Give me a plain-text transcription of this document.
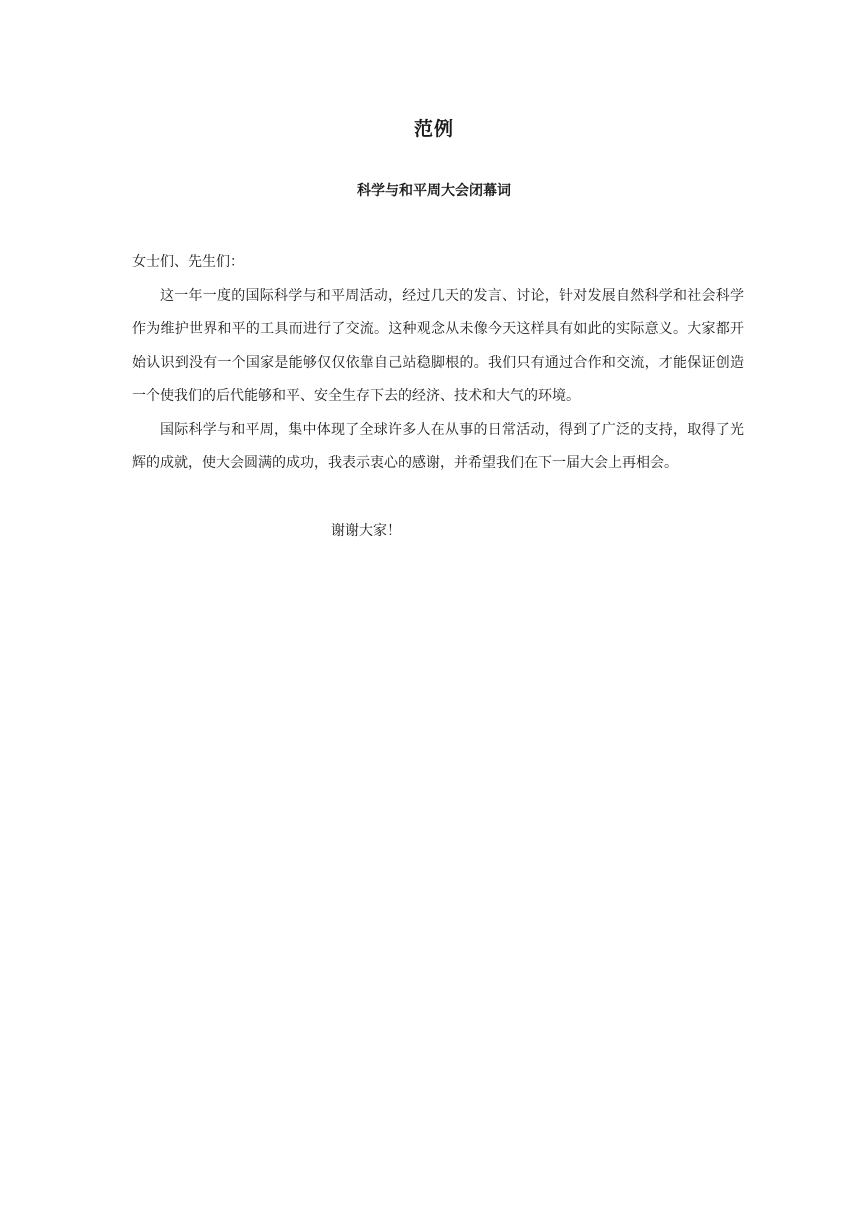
范例
科学与和平周大会闭幕词

女士们、先生们：

这一年一度的国际科学与和平周活动，经过几天的发言、讨论，针对发展自然科学和社会科学作为维护世界和平的工具而进行了交流。这种观念从未像今天这样具有如此的实际意义。大家都开始认识到没有一个国家是能够仅仅依靠自己站稳脚根的。我们只有通过合作和交流，才能保证创造一个使我们的后代能够和平、安全生存下去的经济、技术和大气的环境。

国际科学与和平周，集中体现了全球许多人在从事的日常活动，得到了广泛的支持，取得了光辉的成就，使大会圆满的成功，我表示衷心的感谢，并希望我们在下一届大会上再相会。

谢谢大家！
